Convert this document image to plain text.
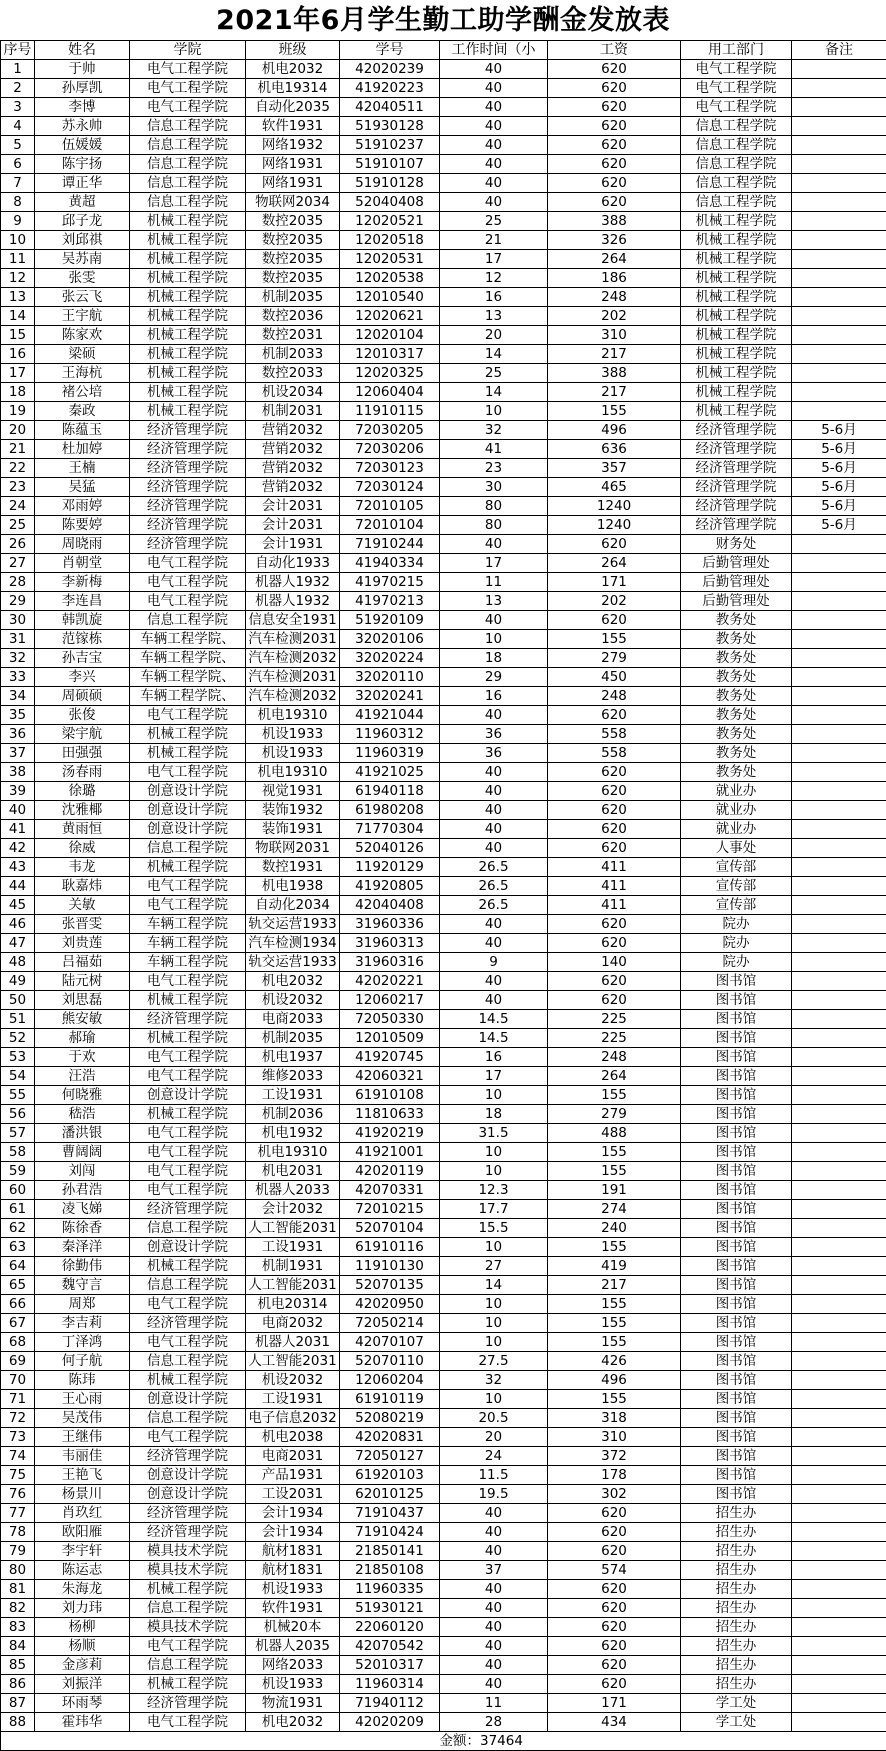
2021年6月学生勤工助学酬金发放表
序号	姓名	学院	班级	学号	工作时间（小	工资	用工部门	备注
1	于帅	电气工程学院	机电2032	42020239	40	620	电气工程学院	
2	孙厚凯	电气工程学院	机电19314	41920223	40	620	电气工程学院	
3	李博	电气工程学院	自动化2035	42040511	40	620	电气工程学院	
4	苏永帅	信息工程学院	软件1931	51930128	40	620	信息工程学院	
5	伍媛媛	信息工程学院	网络1932	51910237	40	620	信息工程学院	
6	陈宇扬	信息工程学院	网络1931	51910107	40	620	信息工程学院	
7	谭正华	信息工程学院	网络1931	51910128	40	620	信息工程学院	
8	黄超	信息工程学院	物联网2034	52040408	40	620	信息工程学院	
9	邱子龙	机械工程学院	数控2035	12020521	25	388	机械工程学院	
10	刘邱祺	机械工程学院	数控2035	12020518	21	326	机械工程学院	
11	吴苏南	机械工程学院	数控2035	12020531	17	264	机械工程学院	
12	张雯	机械工程学院	数控2035	12020538	12	186	机械工程学院	
13	张云飞	机械工程学院	机制2035	12010540	16	248	机械工程学院	
14	王宇航	机械工程学院	数控2036	12020621	13	202	机械工程学院	
15	陈家欢	机械工程学院	数控2031	12020104	20	310	机械工程学院	
16	梁硕	机械工程学院	机制2033	12010317	14	217	机械工程学院	
17	王海杭	机械工程学院	数控2033	12020325	25	388	机械工程学院	
18	褚公培	机械工程学院	机设2034	12060404	14	217	机械工程学院	
19	秦政	机械工程学院	机制2031	11910115	10	155	机械工程学院	
20	陈蕴玉	经济管理学院	营销2032	72030205	32	496	经济管理学院	5-6月
21	杜加婷	经济管理学院	营销2032	72030206	41	636	经济管理学院	5-6月
22	王楠	经济管理学院	营销2032	72030123	23	357	经济管理学院	5-6月
23	吴猛	经济管理学院	营销2032	72030124	30	465	经济管理学院	5-6月
24	邓雨婷	经济管理学院	会计2031	72010105	80	1240	经济管理学院	5-6月
25	陈要婷	经济管理学院	会计2031	72010104	80	1240	经济管理学院	5-6月
26	周晓雨	经济管理学院	会计1931	71910244	40	620	财务处	
27	肖朝堂	电气工程学院	自动化1933	41940334	17	264	后勤管理处	
28	李新梅	电气工程学院	机器人1932	41970215	11	171	后勤管理处	
29	李连昌	电气工程学院	机器人1932	41970213	13	202	后勤管理处	
30	韩凯旋	信息工程学院	信息安全1931	51920109	40	620	教务处	
31	范镓栋	车辆工程学院、	汽车检测2031	32020106	10	155	教务处	
32	孙吉宝	车辆工程学院、	汽车检测2032	32020224	18	279	教务处	
33	李兴	车辆工程学院、	汽车检测2031	32020110	29	450	教务处	
34	周硕硕	车辆工程学院、	汽车检测2032	32020241	16	248	教务处	
35	张俊	电气工程学院	机电19310	41921044	40	620	教务处	
36	梁宇航	机械工程学院	机设1933	11960312	36	558	教务处	
37	田强强	机械工程学院	机设1933	11960319	36	558	教务处	
38	汤春雨	电气工程学院	机电19310	41921025	40	620	教务处	
39	徐璐	创意设计学院	视觉1931	61940118	40	620	就业办	
40	沈雅椰	创意设计学院	装饰1932	61980208	40	620	就业办	
41	黄雨恒	创意设计学院	装饰1931	71770304	40	620	就业办	
42	徐威	信息工程学院	物联网2031	52040126	40	620	人事处	
43	韦龙	机械工程学院	数控1931	11920129	26.5	411	宣传部	
44	耿嘉炜	电气工程学院	机电1938	41920805	26.5	411	宣传部	
45	关敏	电气工程学院	自动化2034	42040408	26.5	411	宣传部	
46	张晋雯	车辆工程学院	轨交运营1933	31960336	40	620	院办	
47	刘贵莲	车辆工程学院	汽车检测1934	31960313	40	620	院办	
48	吕福茹	车辆工程学院	轨交运营1933	31960316	9	140	院办	
49	陆元树	电气工程学院	机电2032	42020221	40	620	图书馆	
50	刘思磊	机械工程学院	机设2032	12060217	40	620	图书馆	
51	熊安敏	经济管理学院	电商2033	72050330	14.5	225	图书馆	
52	郝瑜	机械工程学院	机制2035	12010509	14.5	225	图书馆	
53	于欢	电气工程学院	机电1937	41920745	16	248	图书馆	
54	汪浩	电气工程学院	维修2033	42060321	17	264	图书馆	
55	何晓雅	创意设计学院	工设1931	61910108	10	155	图书馆	
56	嵇浩	机械工程学院	机制2036	11810633	18	279	图书馆	
57	潘洪银	电气工程学院	机电1932	41920219	31.5	488	图书馆	
58	曹阔阔	电气工程学院	机电19310	41921001	10	155	图书馆	
59	刘闯	电气工程学院	机电2031	42020119	10	155	图书馆	
60	孙君浩	电气工程学院	机器人2033	42070331	12.3	191	图书馆	
61	凌飞娣	经济管理学院	会计2032	72010215	17.7	274	图书馆	
62	陈徐香	信息工程学院	人工智能2031	52070104	15.5	240	图书馆	
63	秦泽洋	创意设计学院	工设1931	61910116	10	155	图书馆	
64	徐勤伟	机械工程学院	机制1931	11910130	27	419	图书馆	
65	魏守言	信息工程学院	人工智能2031	52070135	14	217	图书馆	
66	周郑	电气工程学院	机电20314	42020950	10	155	图书馆	
67	李吉莉	经济管理学院	电商2032	72050214	10	155	图书馆	
68	丁泽鸿	电气工程学院	机器人2031	42070107	10	155	图书馆	
69	何子航	信息工程学院	人工智能2031	52070110	27.5	426	图书馆	
70	陈玮	机械工程学院	机设2032	12060204	32	496	图书馆	
71	王心雨	创意设计学院	工设1931	61910119	10	155	图书馆	
72	吴茂伟	信息工程学院	电子信息2032	52080219	20.5	318	图书馆	
73	王继伟	电气工程学院	机电2038	42020831	20	310	图书馆	
74	韦丽佳	经济管理学院	电商2031	72050127	24	372	图书馆	
75	王艳飞	创意设计学院	产品1931	61920103	11.5	178	图书馆	
76	杨景川	创意设计学院	工设2031	62010125	19.5	302	图书馆	
77	肖玖红	经济管理学院	会计1934	71910437	40	620	招生办	
78	欧阳雁	经济管理学院	会计1934	71910424	40	620	招生办	
79	李宇轩	模具技术学院	航材1831	21850141	40	620	招生办	
80	陈运志	模具技术学院	航材1831	21850108	37	574	招生办	
81	朱海龙	机械工程学院	机设1933	11960335	40	620	招生办	
82	刘力玮	信息工程学院	软件1931	51930121	40	620	招生办	
83	杨柳	模具技术学院	机械20本	22060120	40	620	招生办	
84	杨顺	电气工程学院	机器人2035	42070542	40	620	招生办	
85	金彦莉	信息工程学院	网络2033	52010317	40	620	招生办	
86	刘振洋	机械工程学院	机设1933	11960314	40	620	招生办	
87	环雨琴	经济管理学院	物流1931	71940112	11	171	学工处	
88	霍玮华	电气工程学院	机电2032	42020209	28	434	学工处	
					金额：37464			
